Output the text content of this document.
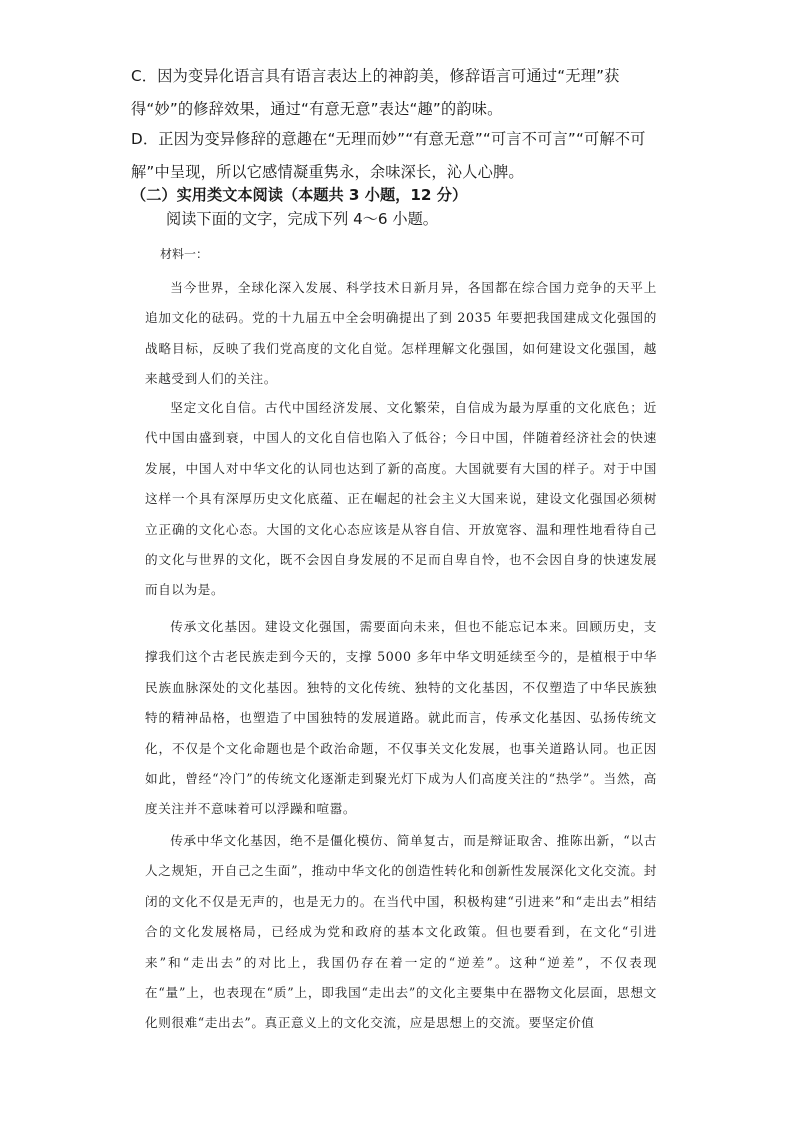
C．因为变异化语言具有语言表达上的神韵美，修辞语言可通过“无理”获得“妙”的修辞效果，通过“有意无意”表达“趣”的韵味。
D．正因为变异修辞的意趣在“无理而妙”“有意无意”“可言不可言”“可解不可解”中呈现，所以它感情凝重隽永，余味深长，沁人心脾。
（二）实用类文本阅读（本题共 3 小题，12 分）
阅读下面的文字，完成下列 4～6 小题。
材料一：
当今世界，全球化深入发展、科学技术日新月异，各国都在综合国力竞争的天平上追加文化的砝码。党的十九届五中全会明确提出了到 2035 年要把我国建成文化强国的战略目标，反映了我们党高度的文化自觉。怎样理解文化强国，如何建设文化强国，越来越受到人们的关注。
坚定文化自信。古代中国经济发展、文化繁荣，自信成为最为厚重的文化底色；近代中国由盛到衰，中国人的文化自信也陷入了低谷；今日中国，伴随着经济社会的快速发展，中国人对中华文化的认同也达到了新的高度。大国就要有大国的样子。对于中国这样一个具有深厚历史文化底蕴、正在崛起的社会主义大国来说，建设文化强国必须树立正确的文化心态。大国的文化心态应该是从容自信、开放宽容、温和理性地看待自己的文化与世界的文化，既不会因自身发展的不足而自卑自怜，也不会因自身的快速发展而自以为是。
传承文化基因。建设文化强国，需要面向未来，但也不能忘记本来。回顾历史，支撑我们这个古老民族走到今天的，支撑 5000 多年中华文明延续至今的，是植根于中华民族血脉深处的文化基因。独特的文化传统、独特的文化基因，不仅塑造了中华民族独特的精神品格，也塑造了中国独特的发展道路。就此而言，传承文化基因、弘扬传统文化，不仅是个文化命题也是个政治命题，不仅事关文化发展，也事关道路认同。也正因如此，曾经“冷门”的传统文化逐渐走到聚光灯下成为人们高度关注的“热学”。当然，高度关注并不意味着可以浮躁和喧嚣。
传承中华文化基因，绝不是僵化模仿、简单复古，而是辩证取舍、推陈出新，“以古人之规矩，开自己之生面”，推动中华文化的创造性转化和创新性发展深化文化交流。封闭的文化不仅是无声的，也是无力的。在当代中国，积极构建“引进来”和“走出去”相结合的文化发展格局，已经成为党和政府的基本文化政策。但也要看到，在文化“引进来”和“走出去”的对比上，我国仍存在着一定的“逆差”。这种“逆差”，不仅表现在“量”上，也表现在“质”上，即我国“走出去”的文化主要集中在器物文化层面，思想文化则很难“走出去”。真正意义上的文化交流，应是思想上的交流。要坚定价值
